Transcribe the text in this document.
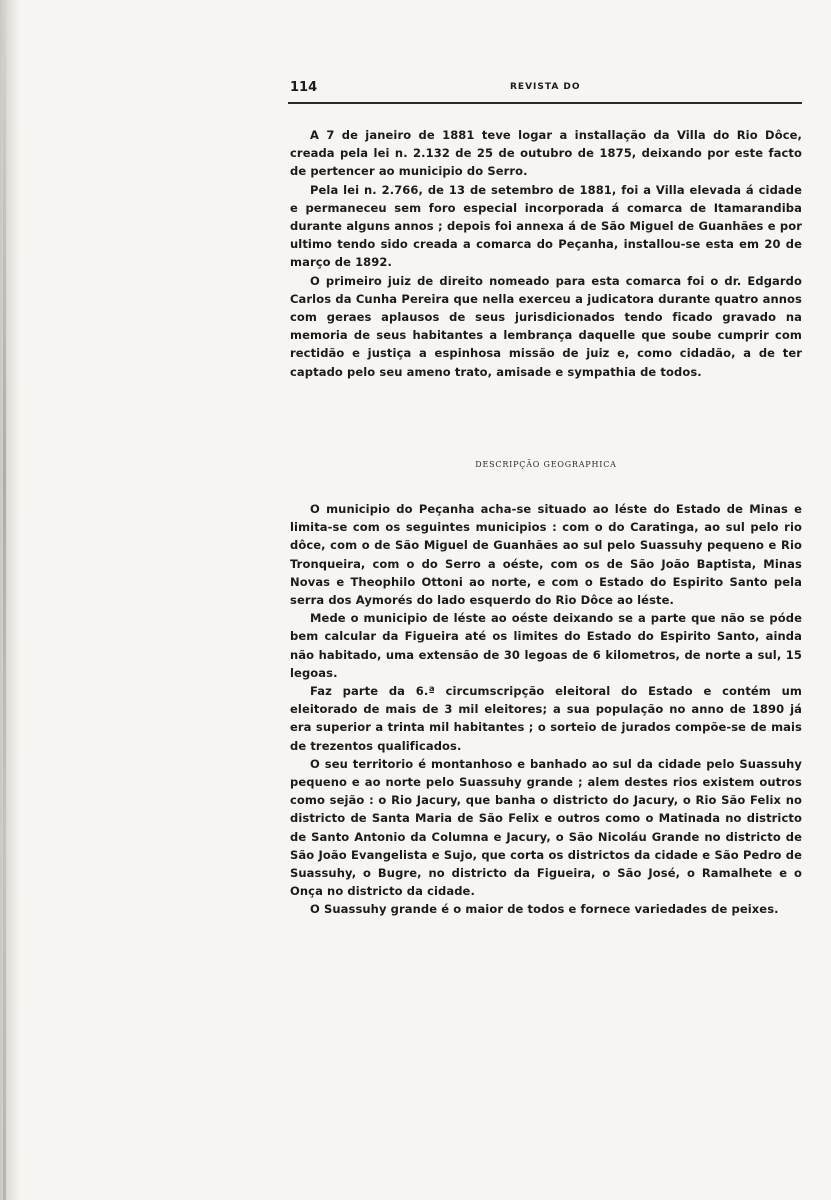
114	REVISTA DO

A 7 de janeiro de 1881 teve logar a installação da Villa do Rio Dôce, creada pela lei n. 2.132 de 25 de outubro de 1875, deixando por este facto de pertencer ao municipio do Serro.

Pela lei n. 2.766, de 13 de setembro de 1881, foi a Villa elevada á cidade e permaneceu sem foro especial incorporada á comarca de Itamarandiba durante alguns annos ; depois foi annexa á de São Miguel de Guanhães e por ultimo tendo sido creada a comarca do Peçanha, installou-se esta em 20 de março de 1892.

O primeiro juiz de direito nomeado para esta comarca foi o dr. Edgardo Carlos da Cunha Pereira que nella exerceu a judicatora durante quatro annos com geraes aplausos de seus jurisdicionados tendo ficado gravado na memoria de seus habitantes a lembrança daquelle que soube cumprir com rectidão e justiça a espinhosa missão de juiz e, como cidadão, a de ter captado pelo seu ameno trato, amisade e sympathia de todos.

DESCRIPÇÃO GEOGRAPHICA

O municipio do Peçanha acha-se situado ao léste do Estado de Minas e limita-se com os seguintes municipios : com o do Caratinga, ao sul pelo rio dôce, com o de São Miguel de Guanhães ao sul pelo Suassuhy pequeno e Rio Tronqueira, com o do Serro a oéste, com os de São João Baptista, Minas Novas e Theophilo Ottoni ao norte, e com o Estado do Espirito Santo pela serra dos Aymorés do lado esquerdo do Rio Dôce ao léste.

Mede o municipio de léste ao oéste deixando se a parte que não se póde bem calcular da Figueira até os limites do Estado do Espirito Santo, ainda não habitado, uma extensão de 30 legoas de 6 kilometros, de norte a sul, 15 legoas.

Faz parte da 6.ª circumscripção eleitoral do Estado e contém um eleitorado de mais de 3 mil eleitores; a sua população no anno de 1890 já era superior a trinta mil habitantes ; o sorteio de jurados compõe-se de mais de trezentos qualificados.

O seu territorio é montanhoso e banhado ao sul da cidade pelo Suassuhy pequeno e ao norte pelo Suassuhy grande ; alem destes rios existem outros como sejão : o Rio Jacury, que banha o districto do Jacury, o Rio São Felix no districto de Santa Maria de São Felix e outros como o Matinada no districto de Santo Antonio da Columna e Jacury, o São Nicoláu Grande no districto de São João Evangelista e Sujo, que corta os districtos da cidade e São Pedro de Suassuhy, o Bugre, no districto da Figueira, o São José, o Ramalhete e o Onça no districto da cidade.

O Suassuhy grande é o maior de todos e fornece variedades de peixes.
